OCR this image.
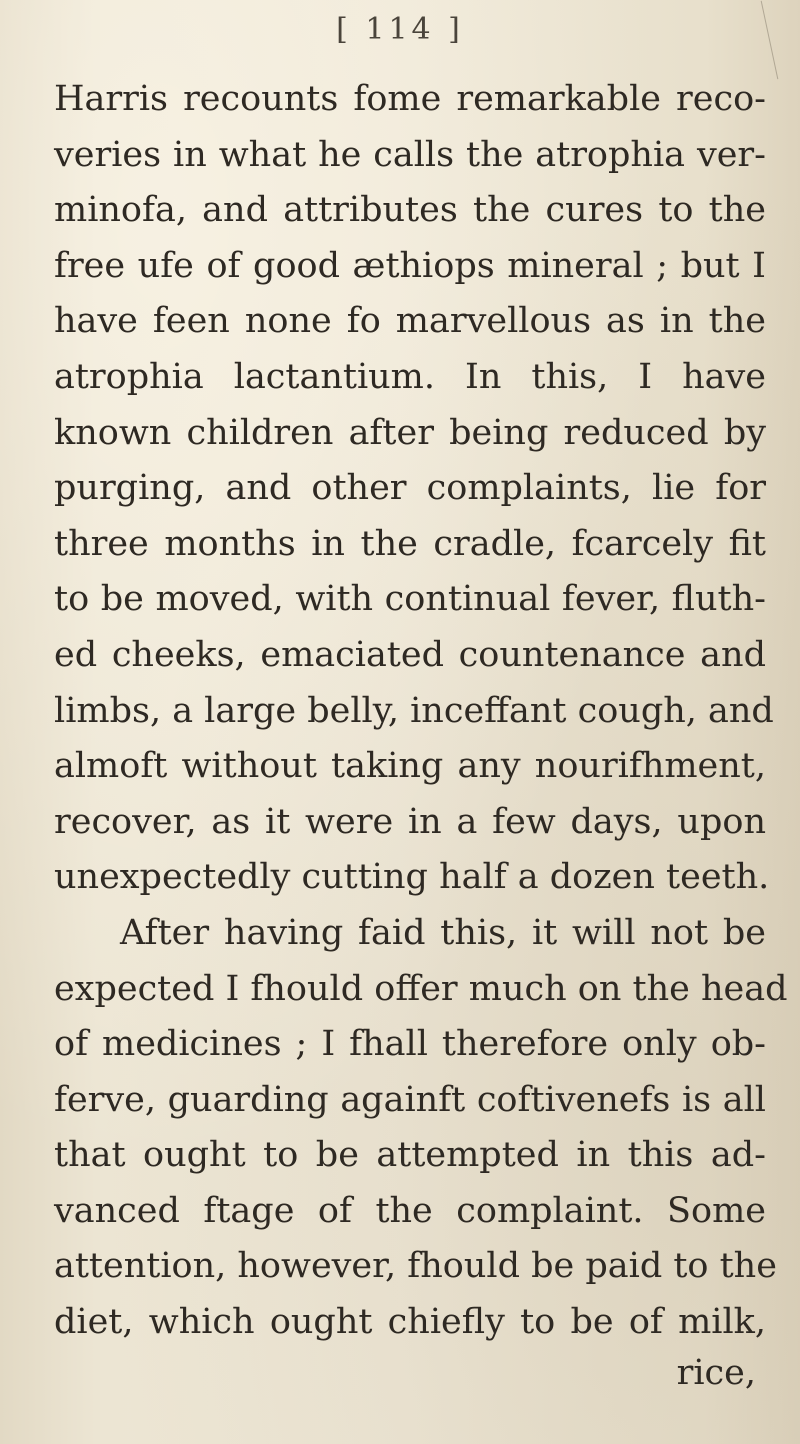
[ 114 ]
Harris recounts fome remarkable reco-
veries in what he calls the atrophia ver-
minofa, and attributes the cures to the
free ufe of good æthiops mineral ; but I
have feen none fo marvellous as in the
atrophia lactantium. In this, I have
known children after being reduced by
purging, and other complaints, lie for
three months in the cradle, fcarcely fit
to be moved, with continual fever, fluth-
ed cheeks, emaciated countenance and
limbs, a large belly, inceffant cough, and
almoft without taking any nourifhment,
recover, as it were in a few days, upon
unexpectedly cutting half a dozen teeth.
After having faid this, it will not be
expected I fhould offer much on the head
of medicines ; I fhall therefore only ob-
ferve, guarding againft coftivenefs is all
that ought to be attempted in this ad-
vanced ftage of the complaint. Some
attention, however, fhould be paid to the
diet, which ought chiefly to be of milk,
rice,
